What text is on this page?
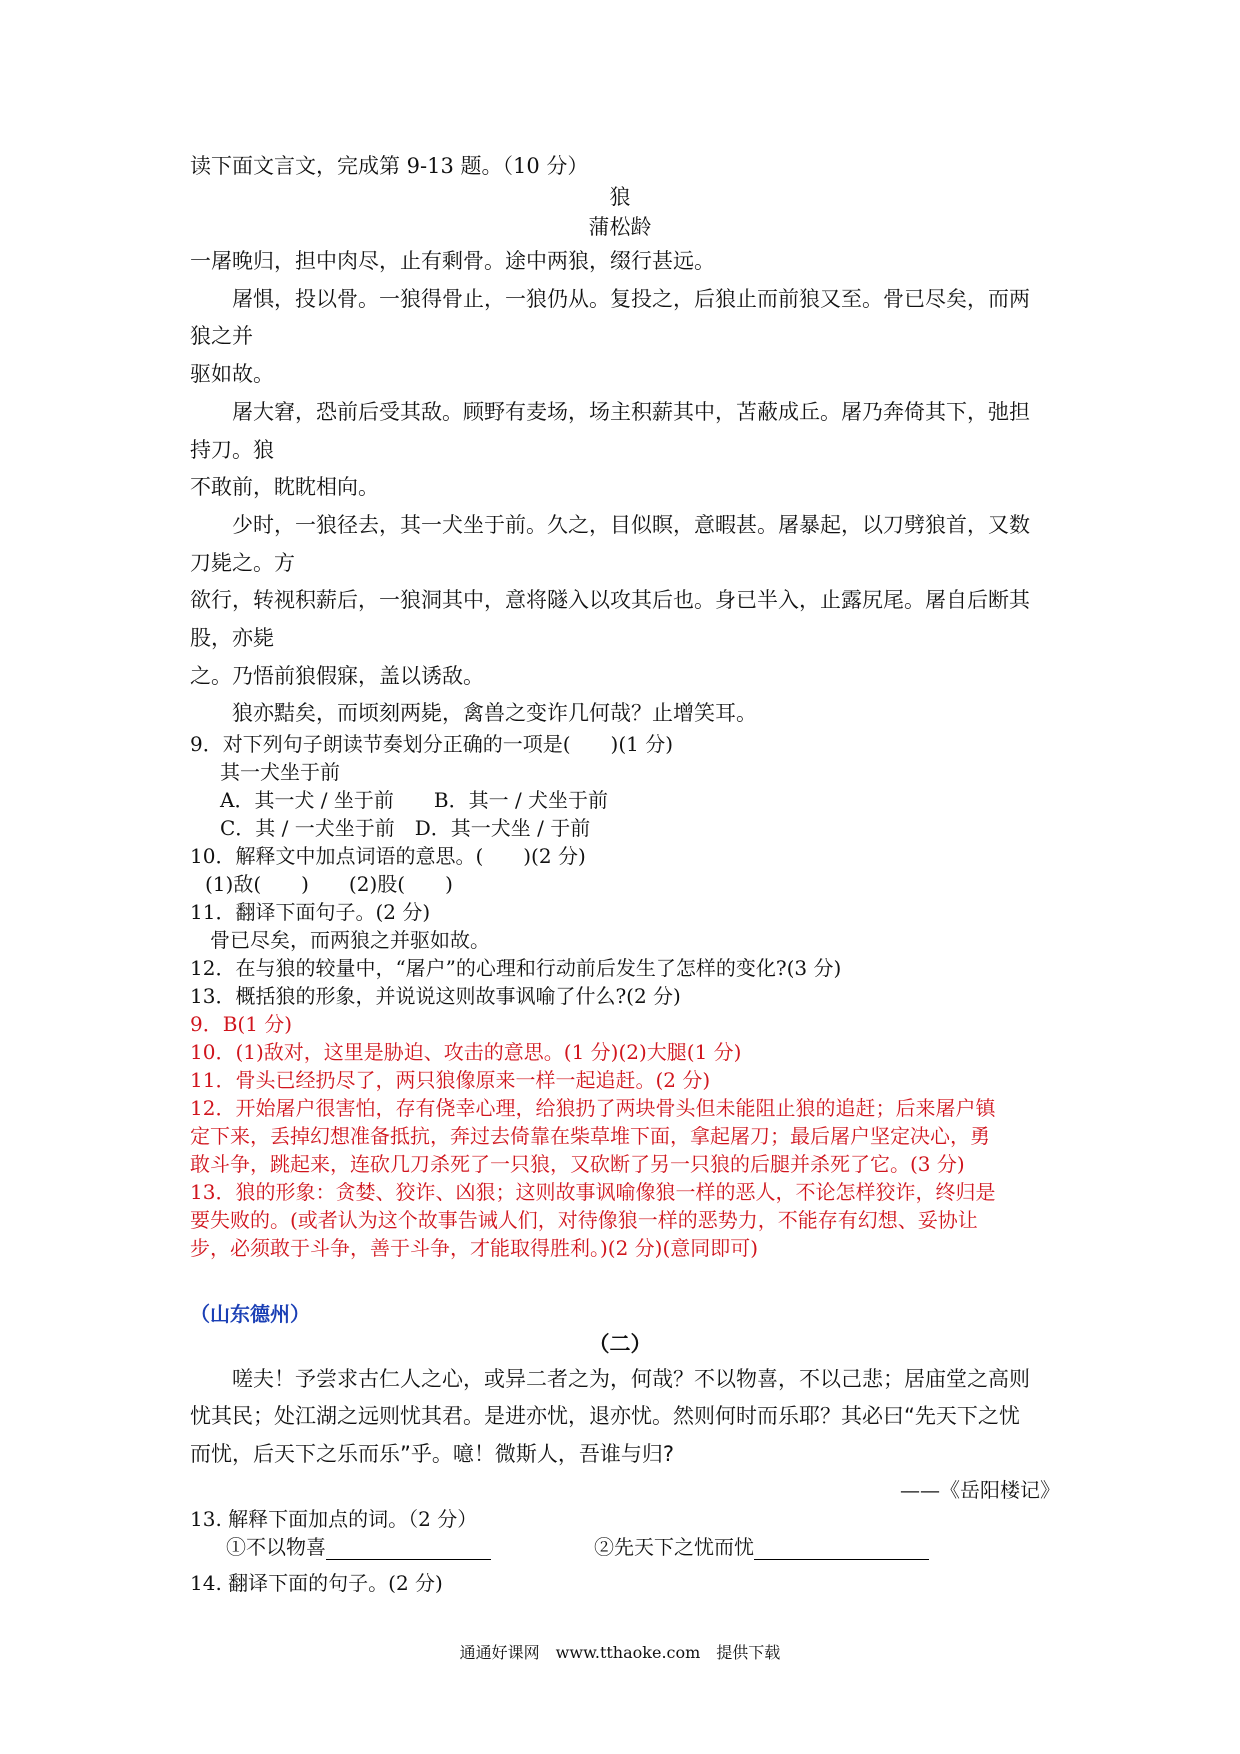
读下面文言文，完成第 9-13 题。（10 分）
狼
蒲松龄
一屠晚归，担中肉尽，止有剩骨。途中两狼，缀行甚远。
屠惧，投以骨。一狼得骨止，一狼仍从。复投之，后狼止而前狼又至。骨已尽矣，而两
狼之并
驱如故。
屠大窘，恐前后受其敌。顾野有麦场，场主积薪其中，苫蔽成丘。屠乃奔倚其下，弛担
持刀。狼
不敢前，眈眈相向。
少时，一狼径去，其一犬坐于前。久之，目似瞑，意暇甚。屠暴起，以刀劈狼首，又数
刀毙之。方
欲行，转视积薪后，一狼洞其中，意将隧入以攻其后也。身已半入，止露尻尾。屠自后断其
股，亦毙
之。乃悟前狼假寐，盖以诱敌。
狼亦黠矣，而顷刻两毙，禽兽之变诈几何哉？止增笑耳。
9．对下列句子朗读节奏划分正确的一项是(　　)(1 分)
其一犬坐于前
A．其一犬 / 坐于前　　B．其一 / 犬坐于前
C．其 / 一犬坐于前　D．其一犬坐 / 于前
10．解释文中加点词语的意思。(　　)(2 分)
(1)敌(　　)　　(2)股(　　)
11．翻译下面句子。(2 分)
骨已尽矣，而两狼之并驱如故。
12．在与狼的较量中，“屠户”的心理和行动前后发生了怎样的变化?(3 分)
13．概括狼的形象，并说说这则故事讽喻了什么?(2 分)
9．B(1 分)
10．(1)敌对，这里是胁迫、攻击的意思。(1 分)(2)大腿(1 分)
11．骨头已经扔尽了，两只狼像原来一样一起追赶。(2 分)
12．开始屠户很害怕，存有侥幸心理，给狼扔了两块骨头但未能阻止狼的追赶；后来屠户镇
定下来，丢掉幻想准备抵抗，奔过去倚靠在柴草堆下面，拿起屠刀；最后屠户坚定决心，勇
敢斗争，跳起来，连砍几刀杀死了一只狼，又砍断了另一只狼的后腿并杀死了它。(3 分)
13．狼的形象：贪婪、狡诈、凶狠；这则故事讽喻像狼一样的恶人，不论怎样狡诈，终归是
要失败的。(或者认为这个故事告诫人们，对待像狼一样的恶势力，不能存有幻想、妥协让
步，必须敢于斗争，善于斗争，才能取得胜利。)(2 分)(意同即可)
（山东德州）
（二）
嗟夫！予尝求古仁人之心，或异二者之为，何哉？不以物喜，不以己悲；居庙堂之高则
忧其民；处江湖之远则忧其君。是进亦忧，退亦忧。然则何时而乐耶？其必曰“先天下之忧
而忧，后天下之乐而乐”乎。噫！微斯人，吾谁与归?
——《岳阳楼记》
13. 解释下面加点的词。（2 分）
①不以物喜	②先天下之忧而忧
14. 翻译下面的句子。(2 分)
通通好课网　www.tthaoke.com　提供下载
